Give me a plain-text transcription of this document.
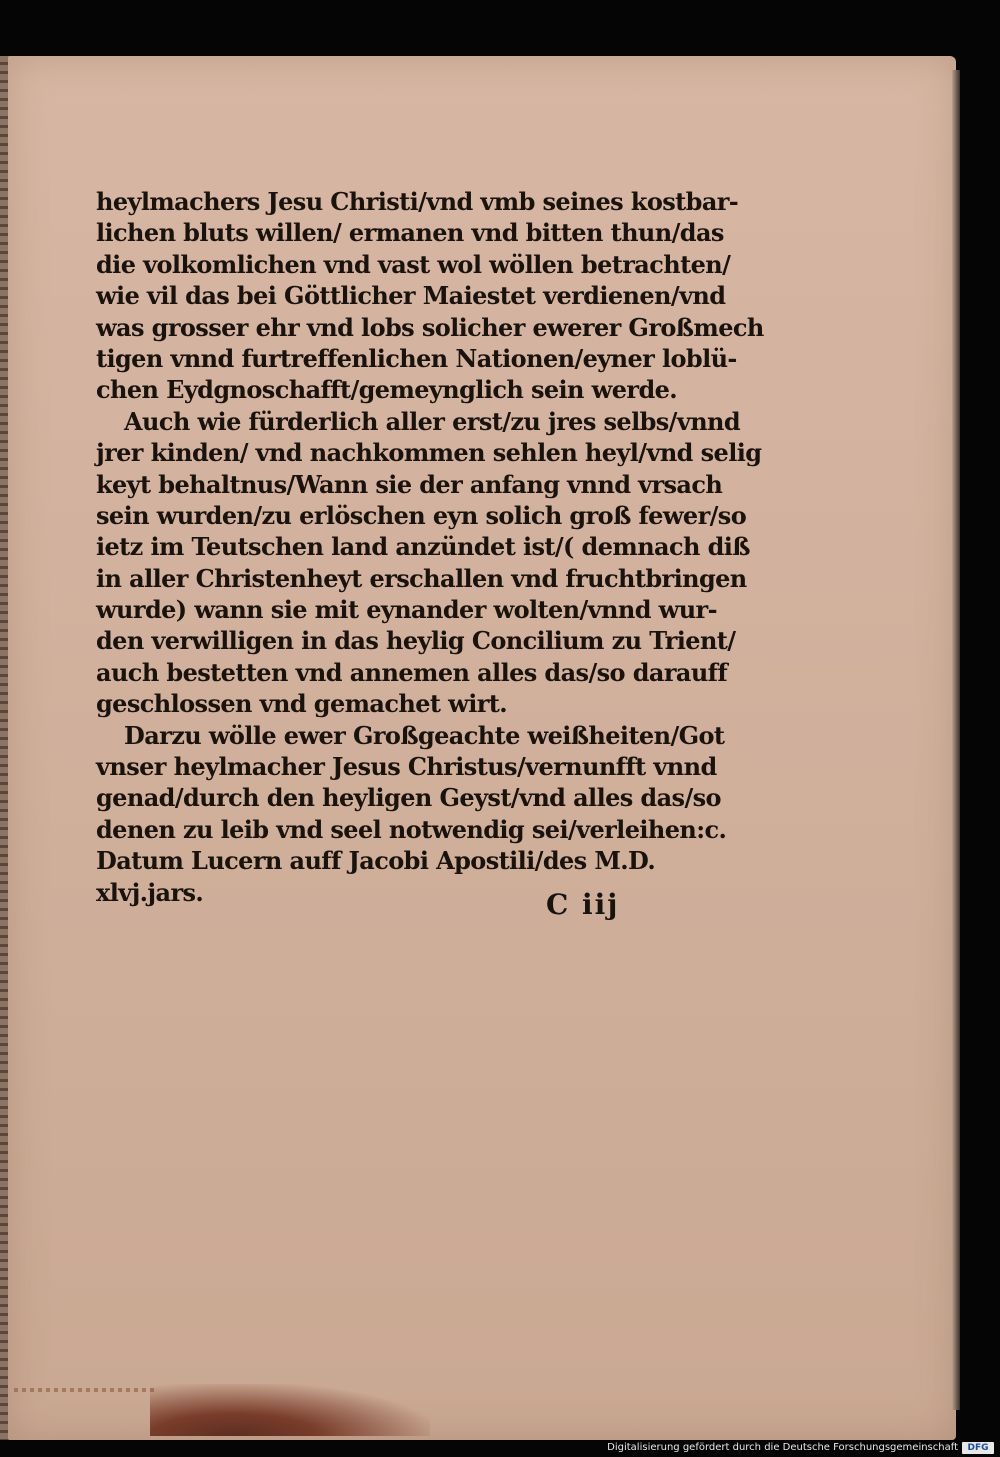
heylmachers Jesu Christi/vnd vmb seines kostbar-
lichen bluts willen/ ermanen vnd bitten thun/das
die volkomlichen vnd vast wol wöllen betrachten/
wie vil das bei Göttlicher Maiestet verdienen/vnd
was grosser ehr vnd lobs solicher ewerer Großmech
tigen vnnd furtreffenlichen Nationen/eyner loblü-
chen Eydgnoschafft/gemeynglich sein werde.
Auch wie fürderlich aller erst/zu jres selbs/vnnd
jrer kinden/ vnd nachkommen sehlen heyl/vnd selig
keyt behaltnus/Wann sie der anfang vnnd vrsach
sein wurden/zu erlöschen eyn solich groß fewer/so
ietz im Teutschen land anzündet ist/( demnach diß
in aller Christenheyt erschallen vnd fruchtbringen
wurde) wann sie mit eynander wolten/vnnd wur-
den verwilligen in das heylig Concilium zu Trient/
auch bestetten vnd annemen alles das/so darauff
geschlossen vnd gemachet wirt.
Darzu wölle ewer Großgeachte weißheiten/Got
vnser heylmacher Jesus Christus/vernunfft vnnd
genad/durch den heyligen Geyst/vnd alles das/so
denen zu leib vnd seel notwendig sei/verleihen:c.
Datum Lucern auff Jacobi Apostili/des M.D.
xlvj.jars.	C iij
Digitalisierung gefördert durch die Deutsche Forschungsgemeinschaft	DFG
